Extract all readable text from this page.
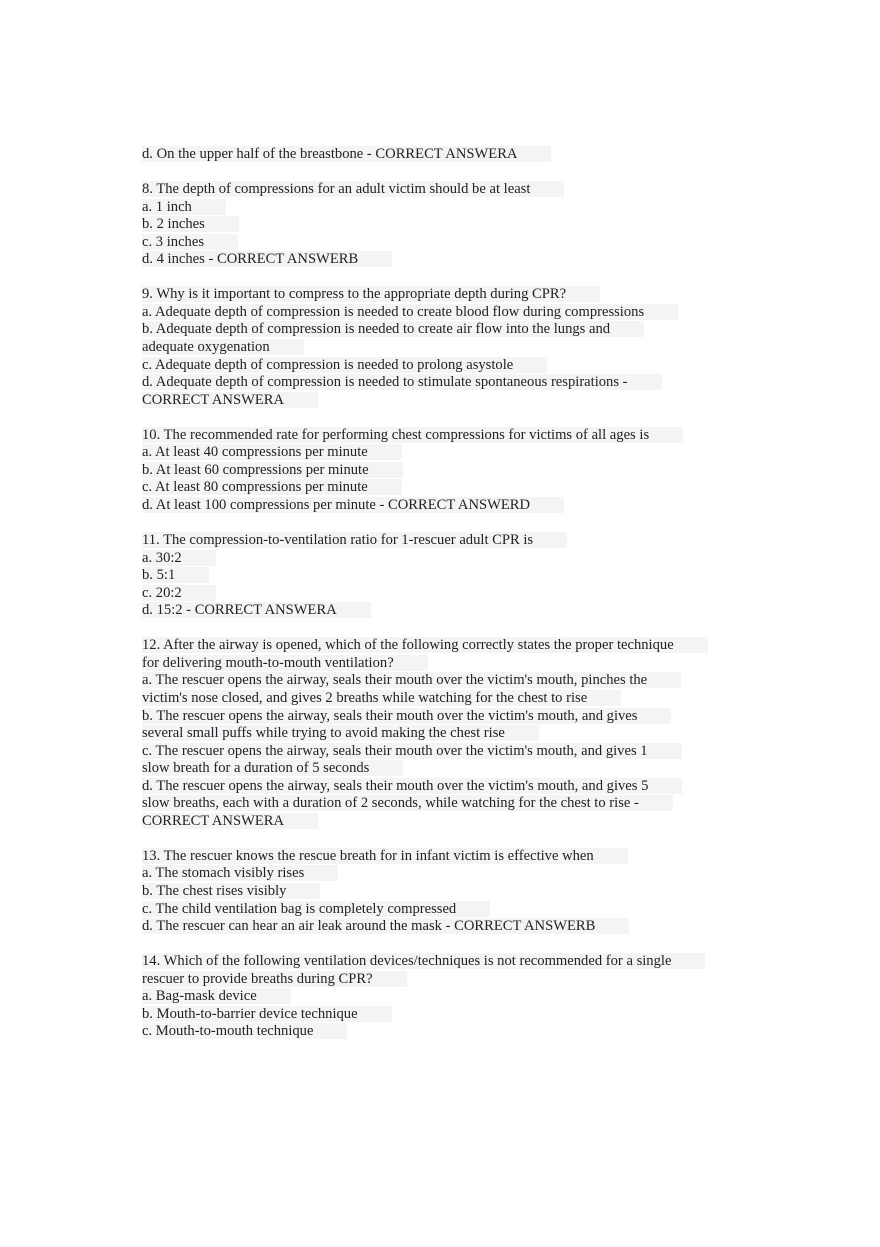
d. On the upper half of the breastbone - CORRECT ANSWERA
8. The depth of compressions for an adult victim should be at least
a. 1 inch
b. 2 inches
c. 3 inches
d. 4 inches - CORRECT ANSWERB
9. Why is it important to compress to the appropriate depth during CPR?
a. Adequate depth of compression is needed to create blood flow during compressions
b. Adequate depth of compression is needed to create air flow into the lungs and
adequate oxygenation
c. Adequate depth of compression is needed to prolong asystole
d. Adequate depth of compression is needed to stimulate spontaneous respirations -
CORRECT ANSWERA
10. The recommended rate for performing chest compressions for victims of all ages is
a. At least 40 compressions per minute
b. At least 60 compressions per minute
c. At least 80 compressions per minute
d. At least 100 compressions per minute - CORRECT ANSWERD
11. The compression-to-ventilation ratio for 1-rescuer adult CPR is
a. 30:2
b. 5:1
c. 20:2
d. 15:2 - CORRECT ANSWERA
12. After the airway is opened, which of the following correctly states the proper technique
for delivering mouth-to-mouth ventilation?
a. The rescuer opens the airway, seals their mouth over the victim's mouth, pinches the
victim's nose closed, and gives 2 breaths while watching for the chest to rise
b. The rescuer opens the airway, seals their mouth over the victim's mouth, and gives
several small puffs while trying to avoid making the chest rise
c. The rescuer opens the airway, seals their mouth over the victim's mouth, and gives 1
slow breath for a duration of 5 seconds
d. The rescuer opens the airway, seals their mouth over the victim's mouth, and gives 5
slow breaths, each with a duration of 2 seconds, while watching for the chest to rise -
CORRECT ANSWERA
13. The rescuer knows the rescue breath for in infant victim is effective when
a. The stomach visibly rises
b. The chest rises visibly
c. The child ventilation bag is completely compressed
d. The rescuer can hear an air leak around the mask - CORRECT ANSWERB
14. Which of the following ventilation devices/techniques is not recommended for a single
rescuer to provide breaths during CPR?
a. Bag-mask device
b. Mouth-to-barrier device technique
c. Mouth-to-mouth technique
